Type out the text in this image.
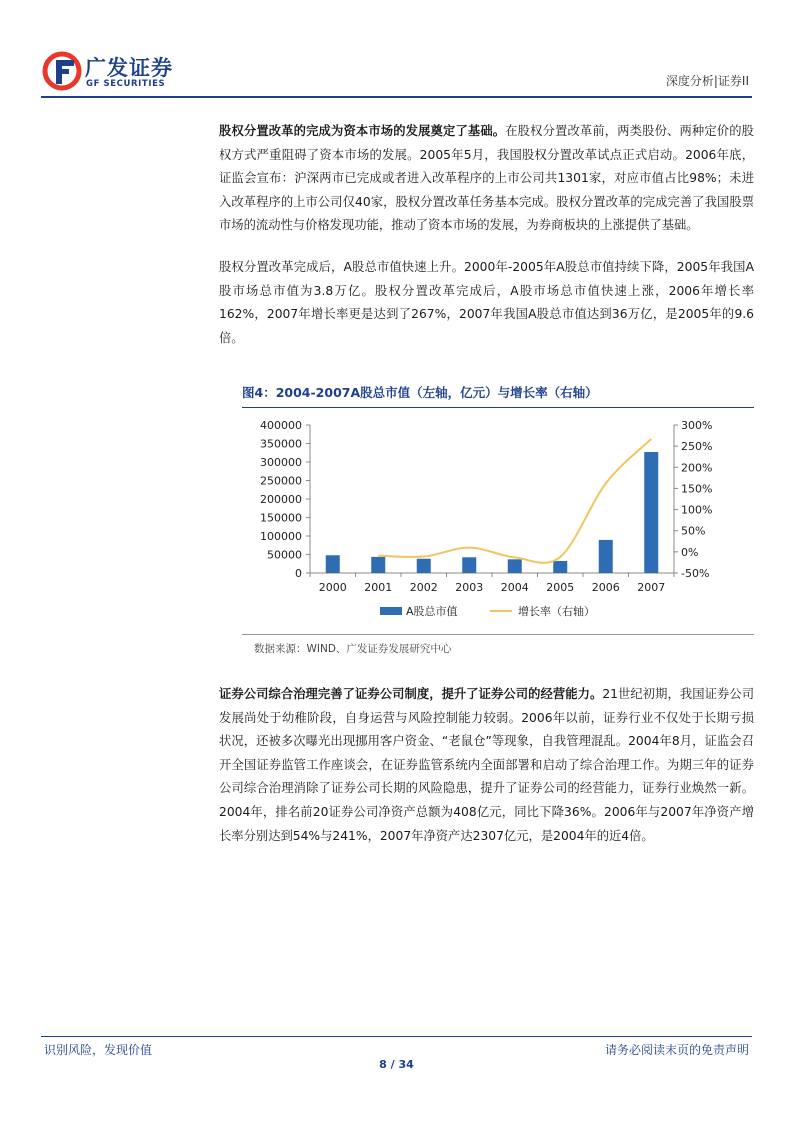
广发证券
GF SECURITIES	深度分析|证券II
股权分置改革的完成为资本市场的发展奠定了基础。在股权分置改革前，两类股份、两种定价的股权方式严重阻碍了资本市场的发展。2005年5月，我国股权分置改革试点正式启动。2006年底，证监会宣布：沪深两市已完成或者进入改革程序的上市公司共1301家，对应市值占比98%；未进入改革程序的上市公司仅40家，股权分置改革任务基本完成。股权分置改革的完成完善了我国股票市场的流动性与价格发现功能，推动了资本市场的发展，为券商板块的上涨提供了基础。
股权分置改革完成后，A股总市值快速上升。2000年-2005年A股总市值持续下降，2005年我国A股市场总市值为3.8万亿。股权分置改革完成后，A股市场总市值快速上涨，2006年增长率162%，2007年增长率更是达到了267%，2007年我国A股总市值达到36万亿，是2005年的9.6倍。
图4：2004-2007A股总市值（左轴，亿元）与增长率（右轴）
0
50000
100000
150000
200000
250000
300000
350000
400000
-50%
0%
50%
100%
150%
200%
250%
300%
2000 2001 2002 2003 2004 2005 2006 2007
A股总市值	增长率（右轴）
数据来源：WIND、广发证券发展研究中心
证券公司综合治理完善了证券公司制度，提升了证券公司的经营能力。21世纪初期，我国证券公司发展尚处于幼稚阶段，自身运营与风险控制能力较弱。2006年以前，证券行业不仅处于长期亏损状况，还被多次曝光出现挪用客户资金、“老鼠仓”等现象，自我管理混乱。2004年8月，证监会召开全国证券监管工作座谈会，在证券监管系统内全面部署和启动了综合治理工作。为期三年的证券公司综合治理消除了证券公司长期的风险隐患，提升了证券公司的经营能力，证券行业焕然一新。2004年，排名前20证券公司净资产总额为408亿元，同比下降36%。2006年与2007年净资产增长率分别达到54%与241%，2007年净资产达2307亿元，是2004年的近4倍。
识别风险，发现价值	请务必阅读末页的免责声明
8 / 34
